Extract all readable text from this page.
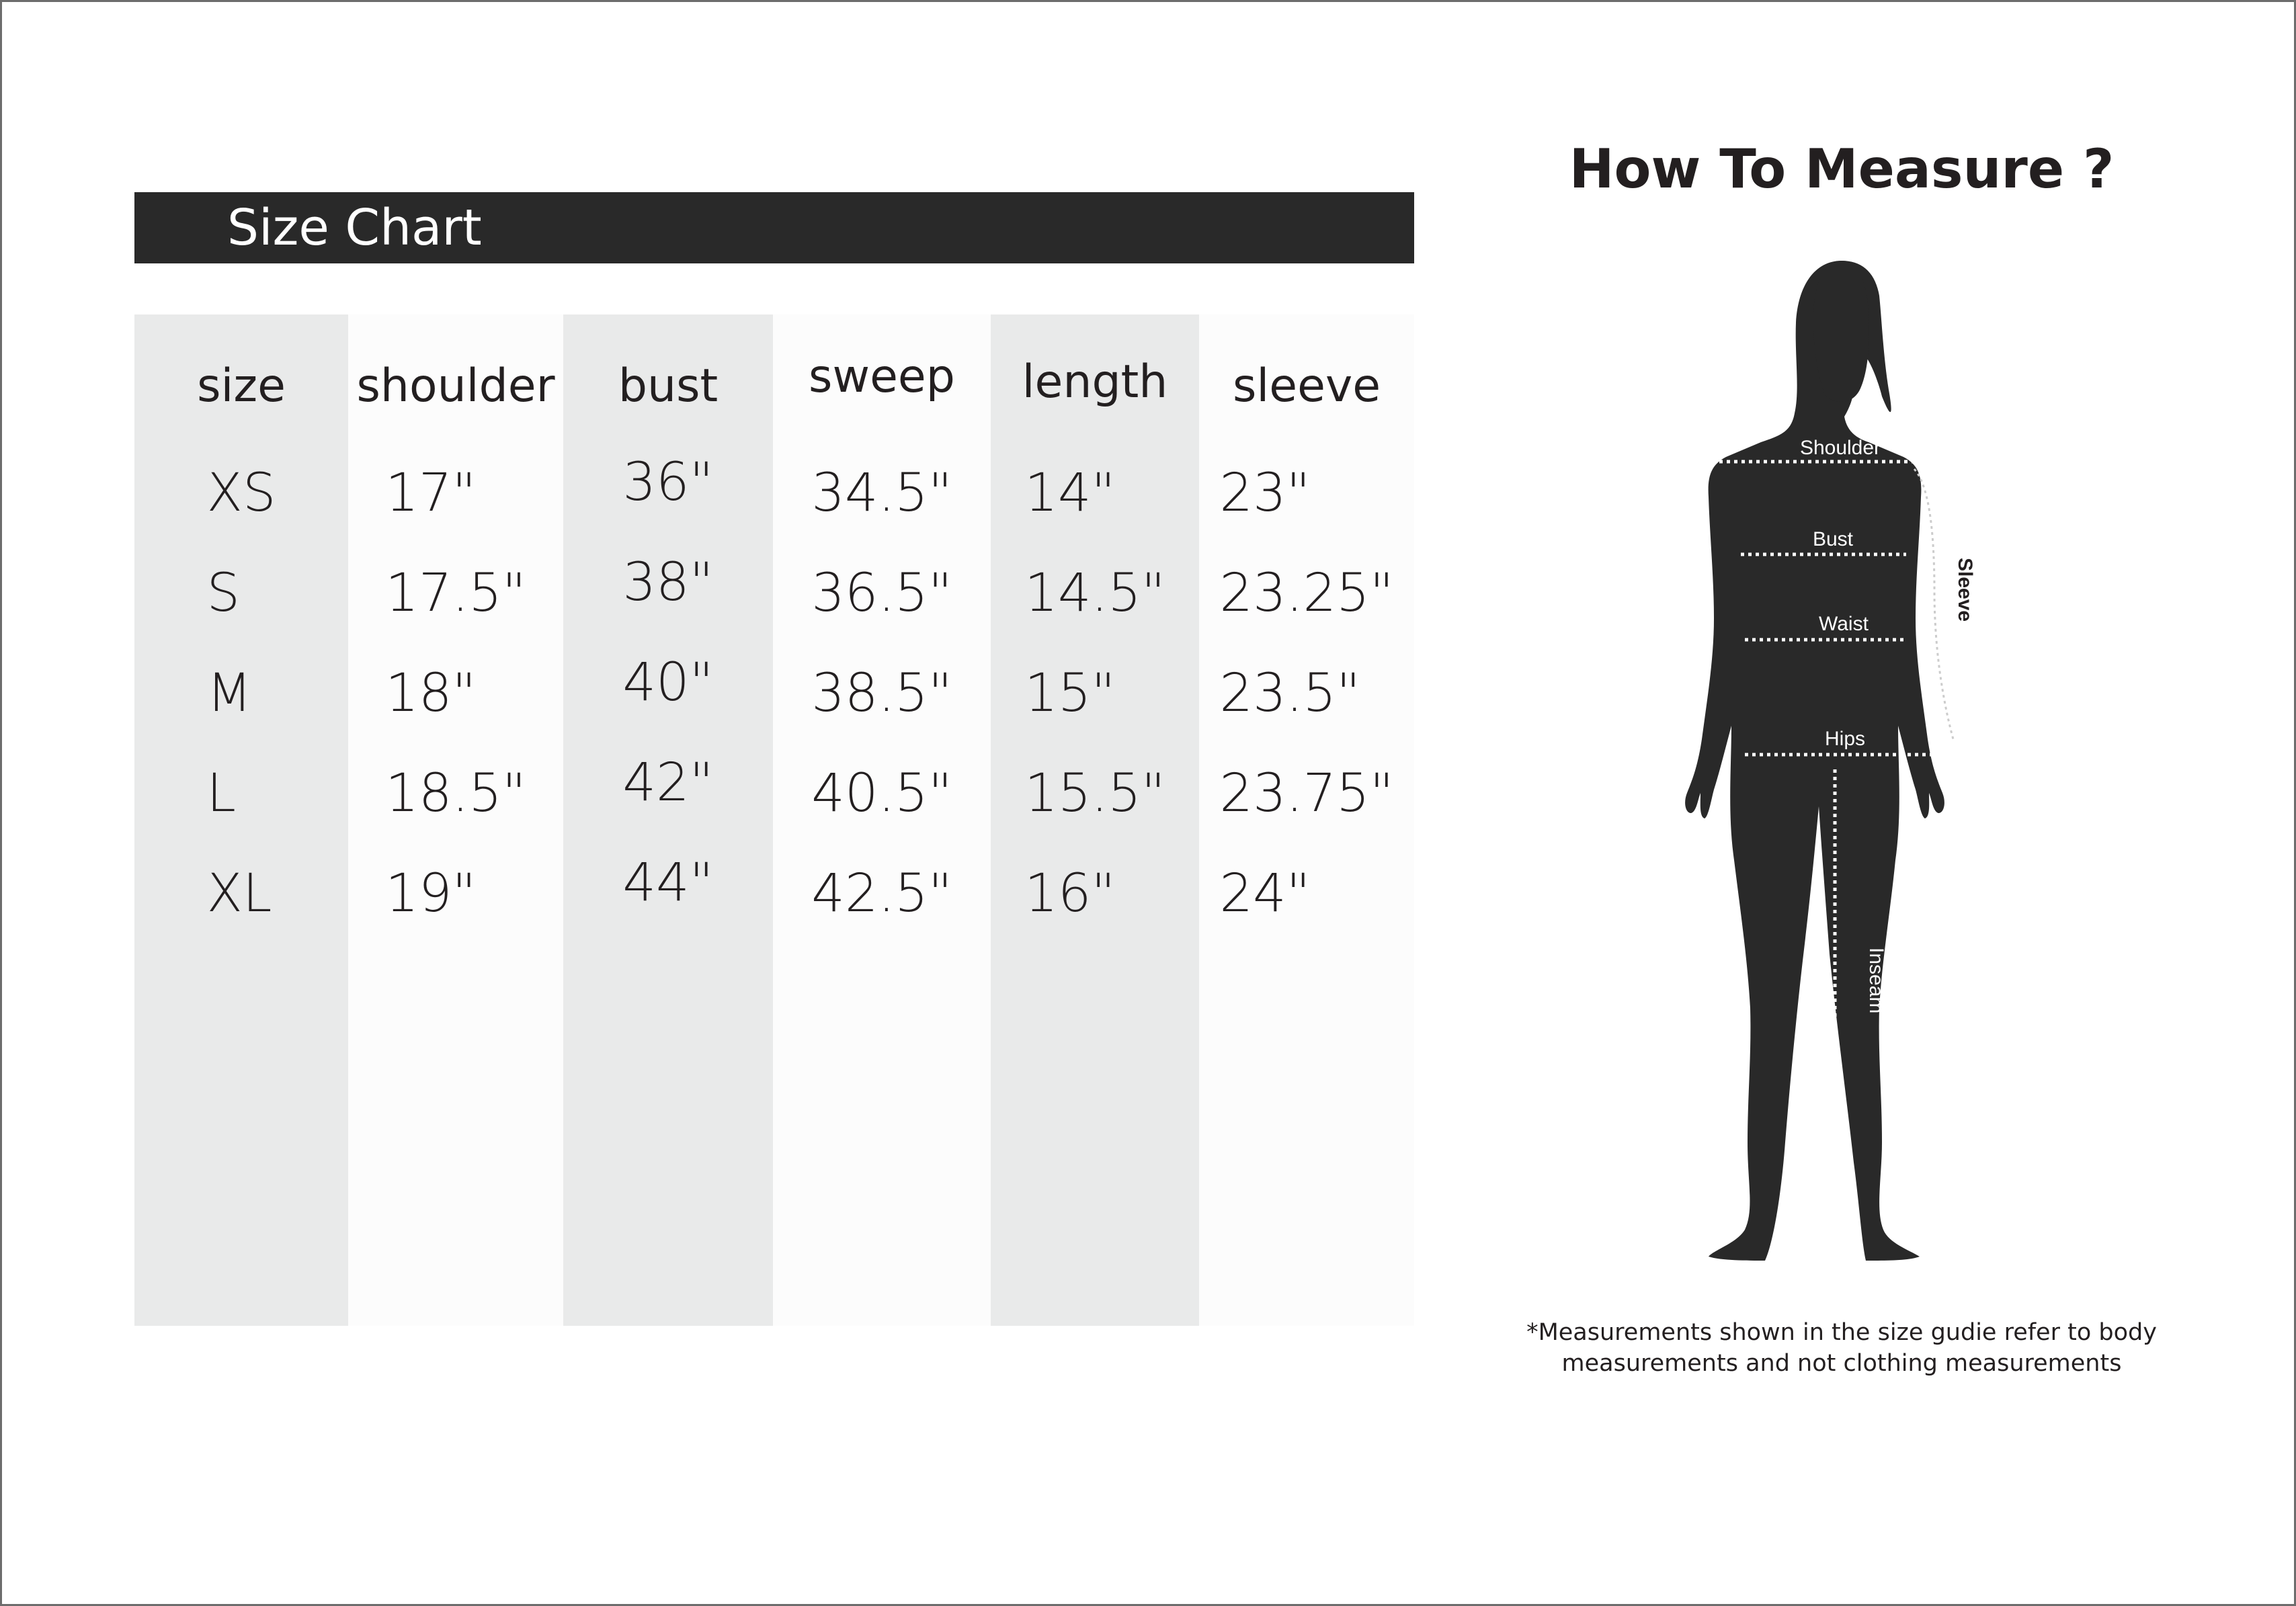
Size Chart
size
XS
S
M
L
XL
shoulder
17"
17.5"
18"
18.5"
19"
bust
36"
38"
40"
42"
44"
sweep
34.5"
36.5"
38.5"
40.5"
42.5"
length
14"
14.5"
15"
15.5"
16"
sleeve
23"
23.25"
23.5"
23.75"
24"
How To Measure ?
Shoulder
Bust
Waist
Hips
Sleeve
Inseam
*Measurements shown in the size gudie refer to body
measurements and not clothing measurements
